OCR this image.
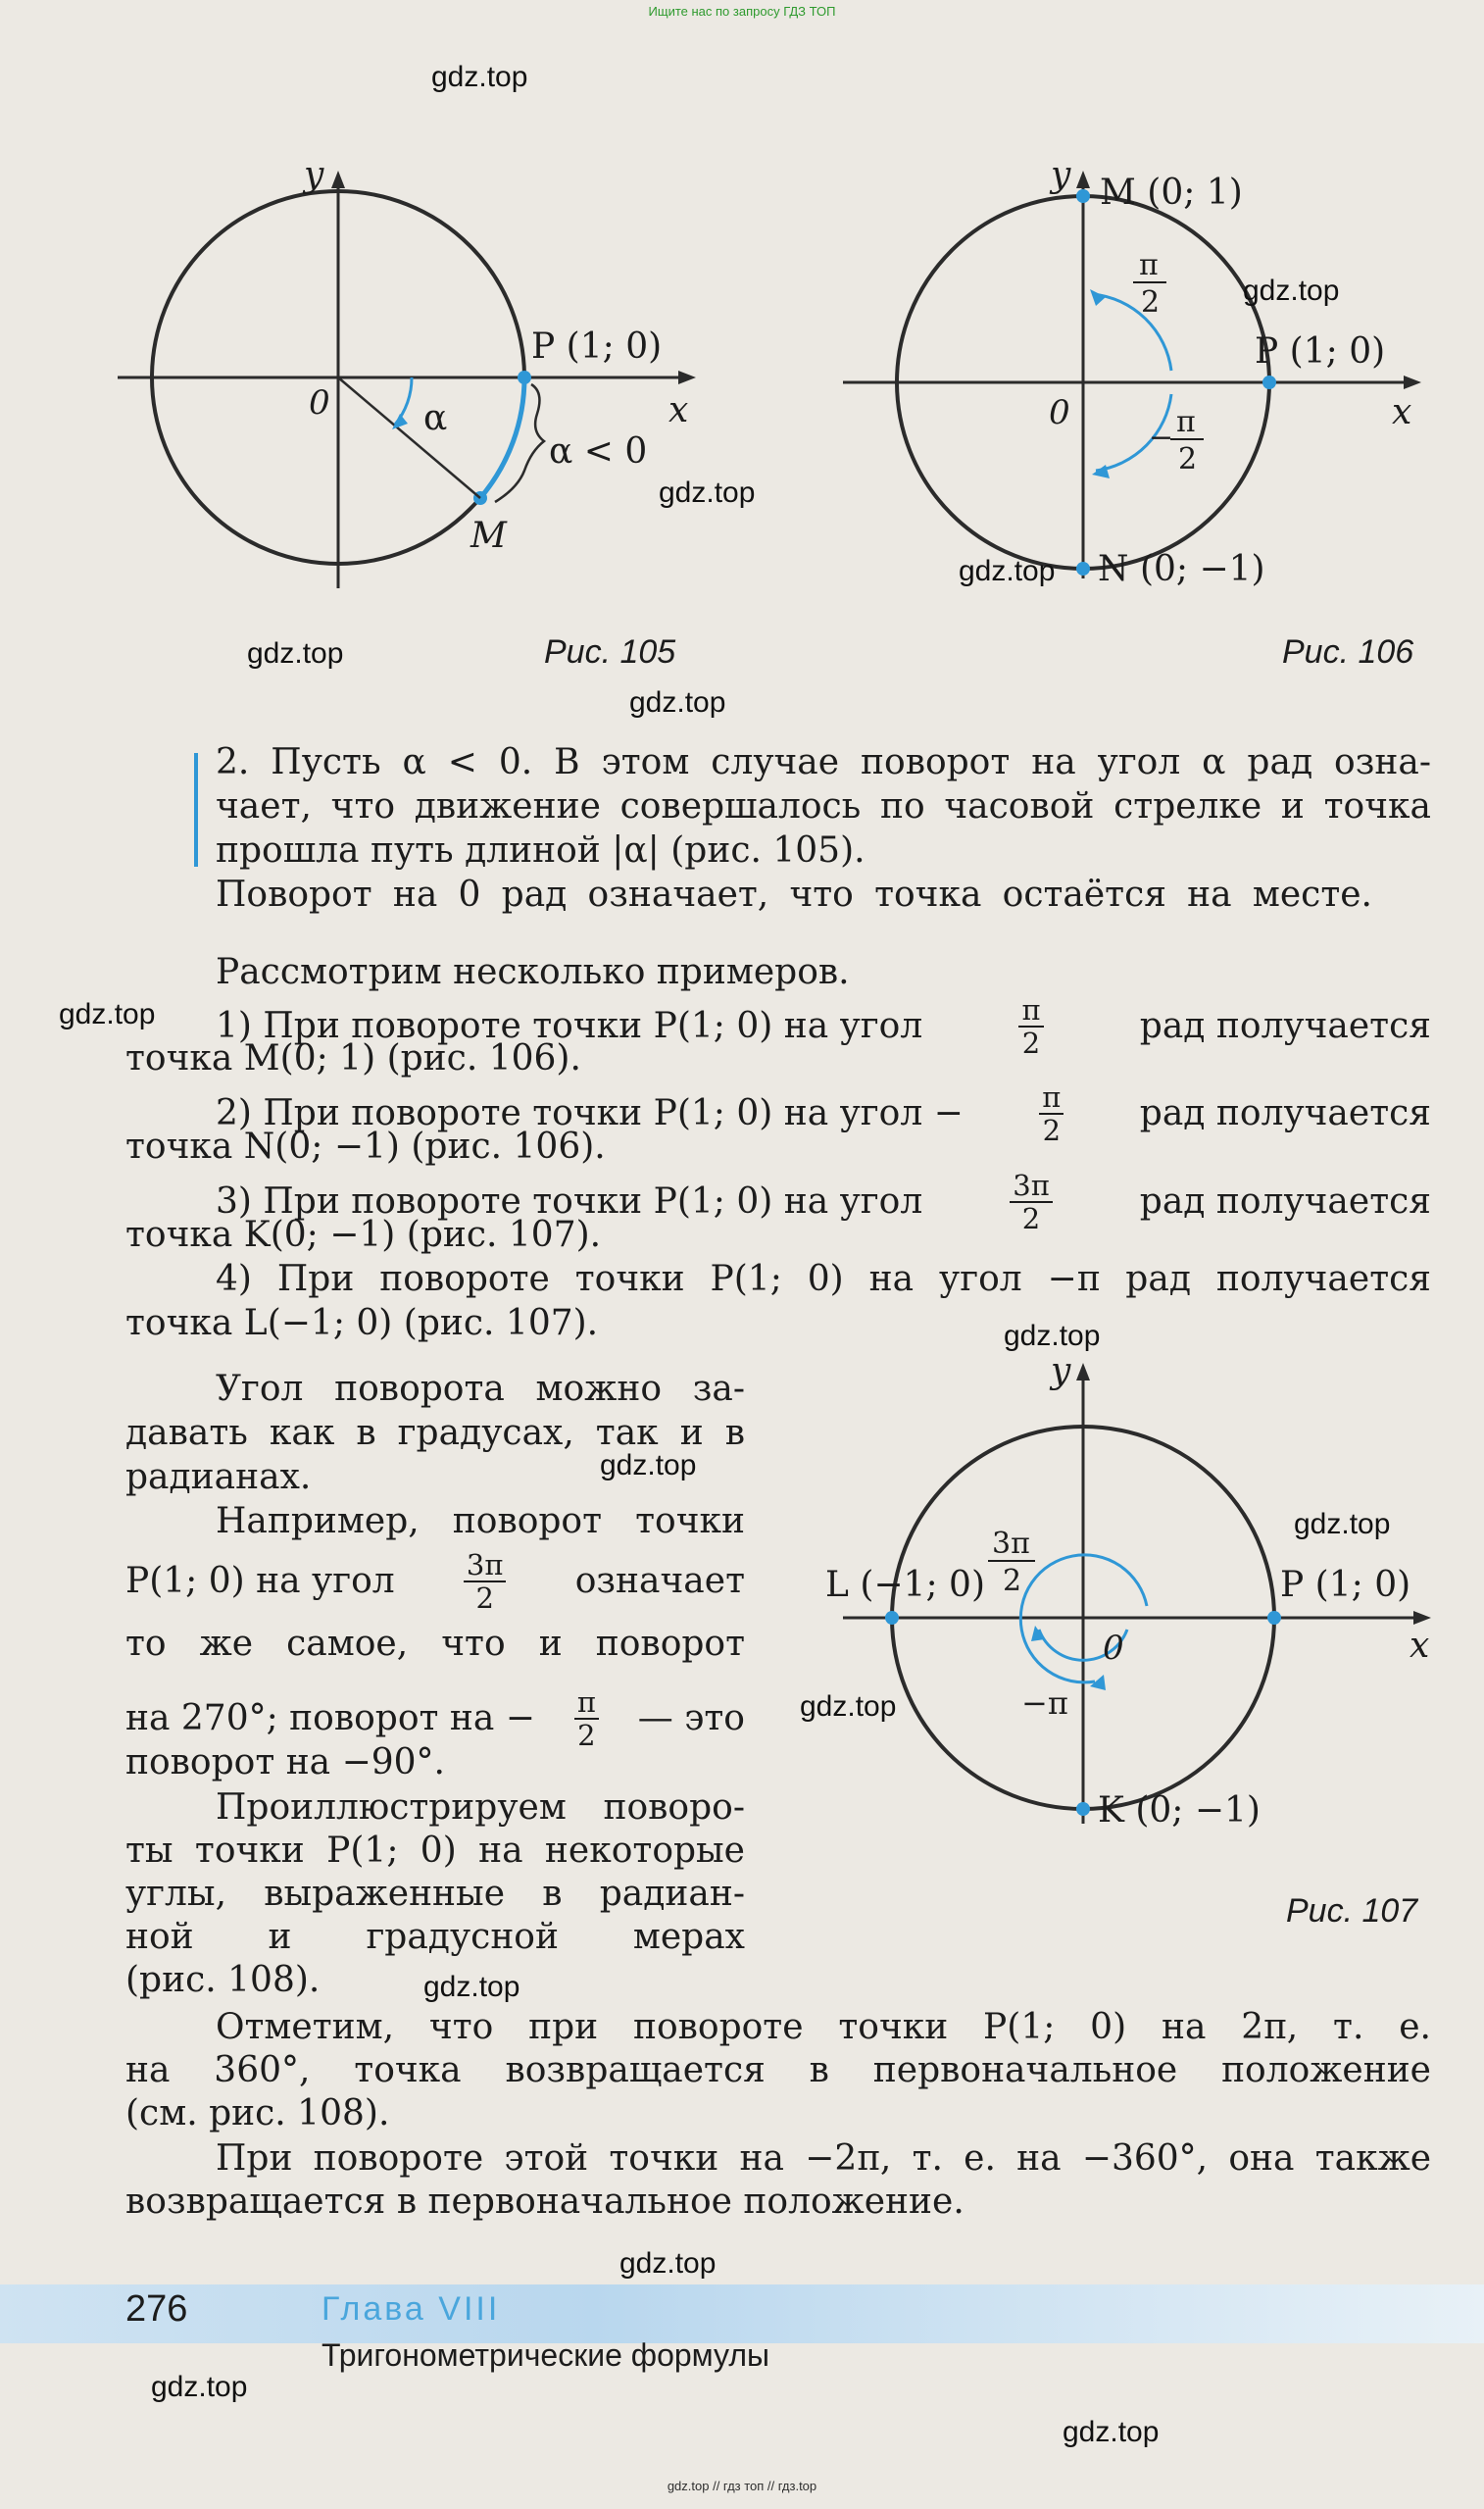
Ищите нас по запросу ГДЗ ТОП
gdz.top // гдз топ // гдз.top
y
x
0
P (1; 0)
α
α < 0
M
Рис. 105
y
x
0
M (0; 1)
P (1; 0)
N (0; −1)
π
2
− π
2
Рис. 106
2. Пусть α < 0. В этом случае поворот на угол α рад озна-
чает, что движение совершалось по часовой стрелке и точка
прошла путь длиной |α| (рис. 105).
Поворот на 0 рад означает, что точка остаётся на месте.
Рассмотрим несколько примеров.
1) При повороте точки P(1; 0) на угол	$\frac{\pi}{2}$	рад получается
точка M(0; 1) (рис. 106).
2) При повороте точки P(1; 0) на угол −	$\frac{\pi}{2}$ рад получается
точка N(0; −1) (рис. 106).
3) При повороте точки P(1; 0) на угол	$\frac{3\pi}{2}$ рад получается
точка K(0; −1) (рис. 107).
4) При повороте точки P(1; 0) на угол −π рад получается
точка L(−1; 0) (рис. 107).
Угол поворота можно за-
давать как в градусах, так и в
радианах.
Например, поворот точки
P(1; 0) на угол $\frac{3\pi}{2}$ означает
то же самое, что и поворот
на 270°; поворот на − $\frac{\pi}{2}$ — это
поворот на −90°.
Проиллюстрируем поворо-
ты точки P(1; 0) на некоторые
углы, выраженные в радиан-
ной и градусной мерах
(рис. 108).
y
x
0
L (−1; 0)	P (1; 0)
K (0; −1)
3π
2
−π
Рис. 107
Отметим, что при повороте точки P(1; 0) на 2π, т. е.
на 360°, точка возвращается в первоначальное положение
(см. рис. 108).
При повороте этой точки на −2π, т. е. на −360°, она также
возвращается в первоначальное положение.
276	Глава VIII
Тригонометрические формулы
gdz.top
gdz.top
gdz.top
gdz.top
gdz.top
gdz.top
gdz.top
gdz.top
gdz.top
gdz.top
gdz.top
gdz.top
gdz.top
gdz.top
gdz.top
